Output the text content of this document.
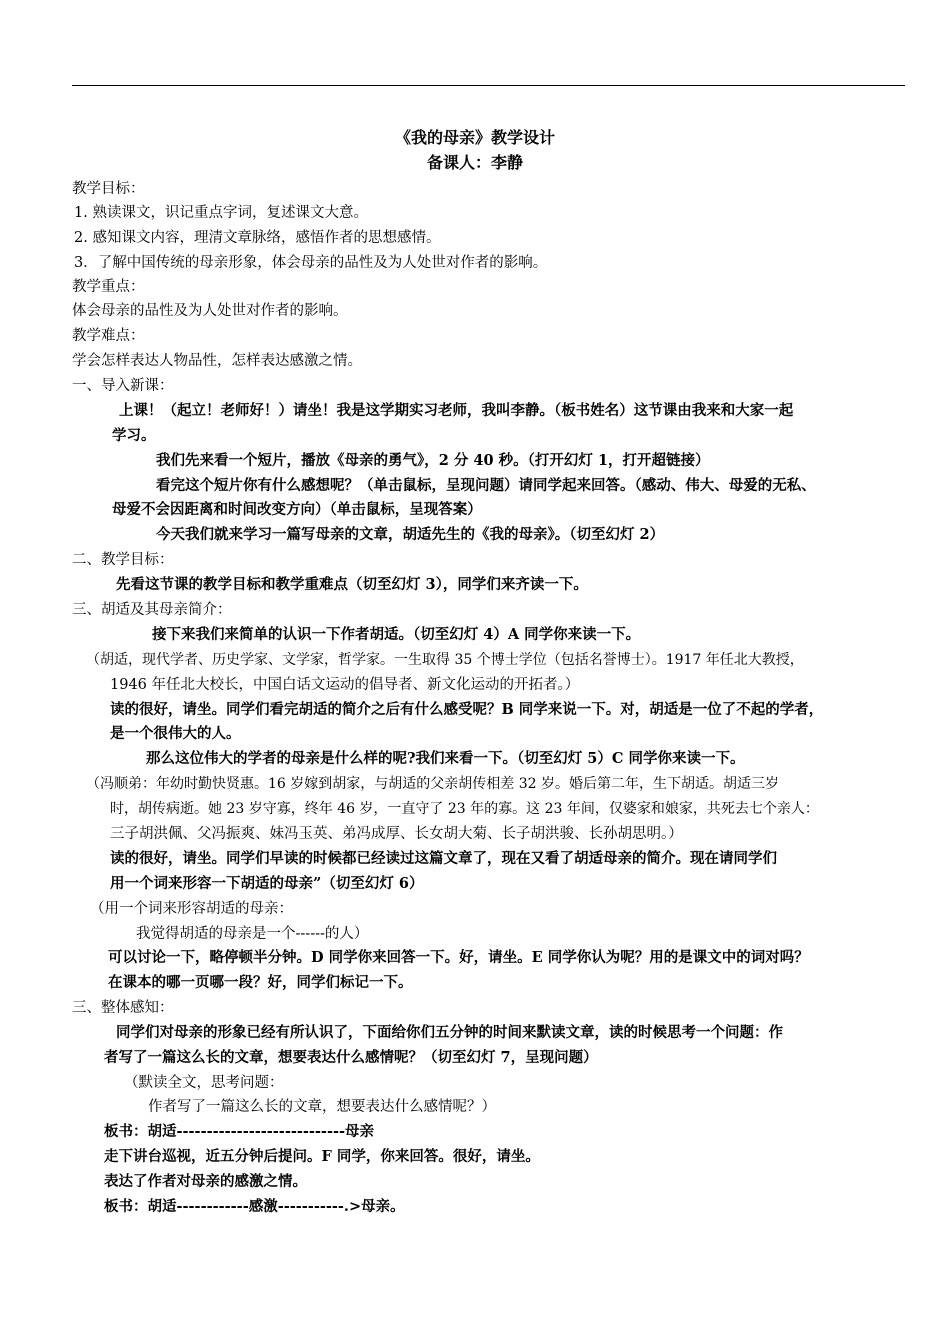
《我的母亲》教学设计
备课人：李静
教学目标：
1. 熟读课文，识记重点字词，复述课文大意。
2. 感知课文内容，理清文章脉络，感悟作者的思想感情。
3．了解中国传统的母亲形象，体会母亲的品性及为人处世对作者的影响。
教学重点：
体会母亲的品性及为人处世对作者的影响。
教学难点：
学会怎样表达人物品性，怎样表达感激之情。
一、导入新课：
上课！（起立！老师好！）请坐！我是这学期实习老师，我叫李静。（板书姓名）这节课由我来和大家一起
学习。
我们先来看一个短片，播放《母亲的勇气》，2 分 40 秒。（打开幻灯 1，打开超链接）
看完这个短片你有什么感想呢？（单击鼠标，呈现问题）请同学起来回答。（感动、伟大、母爱的无私、
母爱不会因距离和时间改变方向）（单击鼠标，呈现答案）
今天我们就来学习一篇写母亲的文章，胡适先生的《我的母亲》。（切至幻灯 2）
二、教学目标：
先看这节课的教学目标和教学重难点（切至幻灯 3），同学们来齐读一下。
三、胡适及其母亲简介：
接下来我们来简单的认识一下作者胡适。（切至幻灯 4）A 同学你来读一下。
（胡适，现代学者、历史学家、文学家，哲学家。一生取得 35 个博士学位（包括名誉博士）。1917 年任北大教授，
1946 年任北大校长，中国白话文运动的倡导者、新文化运动的开拓者。）
读的很好，请坐。同学们看完胡适的简介之后有什么感受呢？B 同学来说一下。对，胡适是一位了不起的学者，
是一个很伟大的人。
那么这位伟大的学者的母亲是什么样的呢?我们来看一下。（切至幻灯 5）C 同学你来读一下。
（冯顺弟：年幼时勤快贤惠。16 岁嫁到胡家，与胡适的父亲胡传相差 32 岁。婚后第二年，生下胡适。胡适三岁
时，胡传病逝。她 23 岁守寡，终年 46 岁，一直守了 23 年的寡。这 23 年间，仅婆家和娘家，共死去七个亲人：
三子胡洪佩、父冯振爽、妹冯玉英、弟冯成厚、长女胡大菊、长子胡洪骏、长孙胡思明。）
读的很好，请坐。同学们早读的时候都已经读过这篇文章了，现在又看了胡适母亲的简介。现在请同学们
用一个词来形容一下胡适的母亲”（切至幻灯 6）
（用一个词来形容胡适的母亲：
我觉得胡适的母亲是一个------的人）
可以讨论一下，略停顿半分钟。D 同学你来回答一下。好，请坐。E 同学你认为呢？用的是课文中的词对吗？
在课本的哪一页哪一段？好，同学们标记一下。
三、整体感知：
同学们对母亲的形象已经有所认识了，下面给你们五分钟的时间来默读文章，读的时候思考一个问题：作
者写了一篇这么长的文章，想要表达什么感情呢？（切至幻灯 7，呈现问题）
（默读全文，思考问题：
作者写了一篇这么长的文章，想要表达什么感情呢？）
板书：胡适----------------------------母亲
走下讲台巡视，近五分钟后提问。F 同学，你来回答。很好，请坐。
表达了作者对母亲的感激之情。
板书：胡适------------感激-----------.>母亲。
